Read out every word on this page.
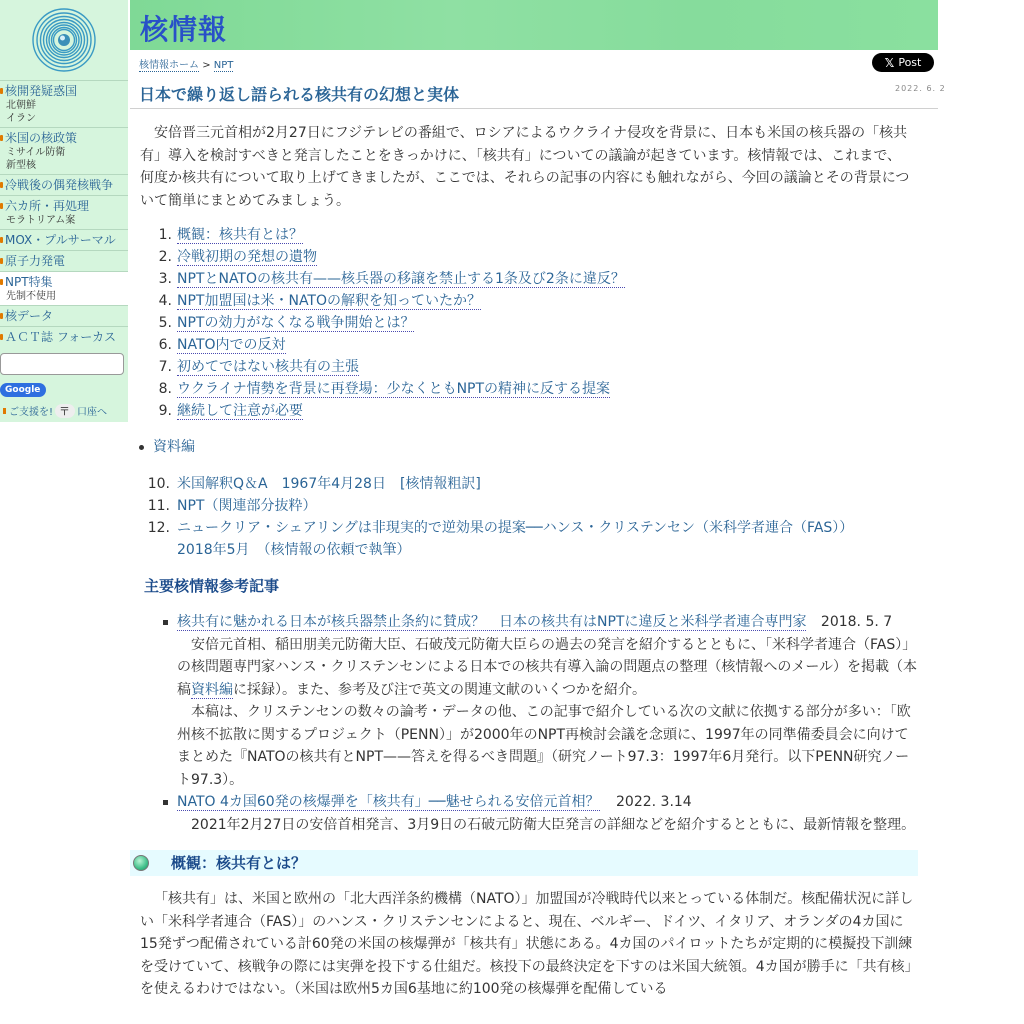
核開発疑惑国
北朝鮮
イラン
米国の核政策
ミサイル防衛
新型核
冷戦後の偶発核戦争
六カ所・再処理
モラトリアム案
MOX・プルサーマル
原子力発電
NPT特集
先制不使用
核データ
ＡＣＴ誌 フォーカス
Google
ご支援を! 〒 口座へ
核情報
核情報ホーム > NPT	𝕏 Post
日本で繰り返し語られる核共有の幻想と実体	2022. 6. 2

安倍晋三元首相が2月27日にフジテレビの番組で、ロシアによるウクライナ侵攻を背景に、日本も米国の核兵器の「核共有」導入を検討すべきと発言したことをきっかけに、「核共有」についての議論が起きています。核情報では、これまで、何度か核共有について取り上げてきましたが、ここでは、それらの記事の内容にも触れながら、今回の議論とその背景について簡単にまとめてみましょう。

1. 概観：核共有とは？
2. 冷戦初期の発想の遺物
3. NPTとNATOの核共有——核兵器の移譲を禁止する1条及び2条に違反？
4. NPT加盟国は米・NATOの解釈を知っていたか？
5. NPTの効力がなくなる戦争開始とは？
6. NATO内での反対
7. 初めてではない核共有の主張
8. ウクライナ情勢を背景に再登場：少なくともNPTの精神に反する提案
9. 継続して注意が必要
資料編
10. 米国解釈Q＆A　1967年4月28日　[核情報粗訳]
11. NPT（関連部分抜粋）
12. ニュークリア・シェアリングは非現実的で逆効果の提案──ハンス・クリステンセン（米科学者連合（FAS））
2018年5月　（核情報の依頼で執筆）
主要核情報参考記事
核共有に魅かれる日本が核兵器禁止条約に賛成？　日本の核共有はNPTに違反と米科学者連合専門家 2018. 5. 7
安倍元首相、稲田朋美元防衛大臣、石破茂元防衛大臣らの過去の発言を紹介するとともに、「米科学者連合（FAS）」の核問題専門家ハンス・クリステンセンによる日本での核共有導入論の問題点の整理（核情報へのメール）を掲載（本稿資料編に採録）。また、参考及び注で英文の関連文献のいくつかを紹介。
本稿は、クリステンセンの数々の論考・データの他、この記事で紹介している次の文献に依拠する部分が多い：「欧州核不拡散に関するプロジェクト（PENN）」が2000年のNPT再検討会議を念頭に、1997年の同準備委員会に向けてまとめた『NATOの核共有とNPT——答えを得るべき問題』（研究ノート97.3：1997年6月発行。以下PENN研究ノート97.3）。
NATO 4カ国60発の核爆弾を「核共有」──魅せられる安倍元首相？ 2022. 3.14
2021年2月27日の安倍首相発言、3月9日の石破元防衛大臣発言の詳細などを紹介するとともに、最新情報を整理。
概観：核共有とは？

「核共有」は、米国と欧州の「北大西洋条約機構（NATO）」加盟国が冷戦時代以来とっている体制だ。核配備状況に詳しい「米科学者連合（FAS）」のハンス・クリステンセンによると、現在、ベルギー、ドイツ、イタリア、オランダの4カ国に15発ずつ配備されている計60発の米国の核爆弾が「核共有」状態にある。4カ国のパイロットたちが定期的に模擬投下訓練を受けていて、核戦争の際には実弾を投下する仕組だ。核投下の最終決定を下すのは米国大統領。4カ国が勝手に「共有核」を使えるわけではない。（米国は欧州5カ国6基地に約100発の核爆弾を配備している
